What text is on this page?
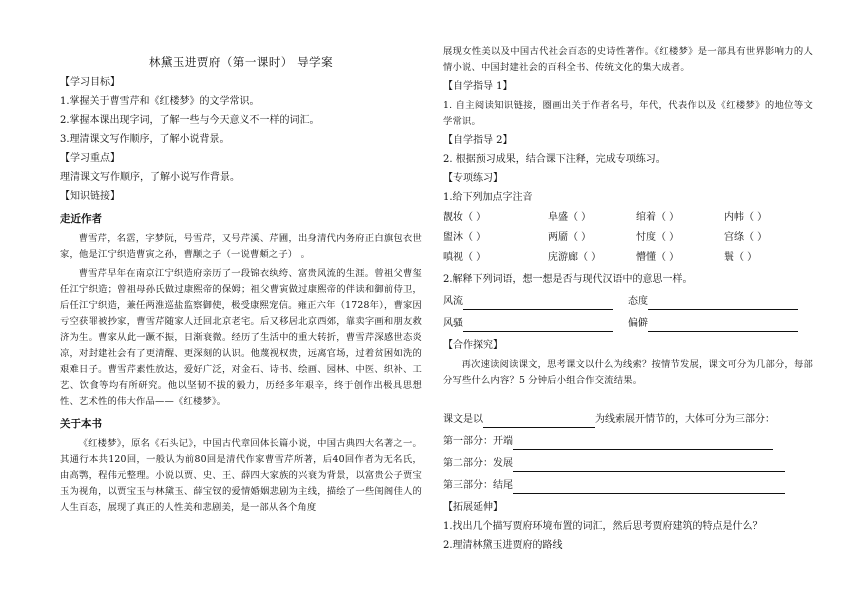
林黛玉进贾府（第一课时） 导学案
【学习目标】
1.掌握关于曹雪芹和《红楼梦》的文学常识。
2.掌握本课出现字词，了解一些与今天意义不一样的词汇。
3.理清课文写作顺序，了解小说背景。
【学习重点】
理清课文写作顺序，了解小说写作背景。
【知识链接】
走近作者

曹雪芹，名霑，字梦阮，号雪芹，又号芹溪、芹圃，出身清代内务府正白旗包衣世家，他是江宁织造曹寅之孙，曹颙之子（一说曹頫之子） 。

曹雪芹早年在南京江宁织造府亲历了一段锦衣纨绔、富贵风流的生涯。曾祖父曹玺任江宁织造；曾祖母孙氏做过康熙帝的保姆；祖父曹寅做过康熙帝的伴读和御前侍卫，后任江宁织造，兼任两淮巡盐监察御使，极受康熙宠信。雍正六年（1728年），曹家因亏空获罪被抄家，曹雪芹随家人迁回北京老宅。后又移居北京西郊，靠卖字画和朋友救济为生。曹家从此一蹶不振，日渐衰微。经历了生活中的重大转折，曹雪芹深感世态炎凉，对封建社会有了更清醒、更深刻的认识。他蔑视权贵，远离官场，过着贫困如洗的艰难日子。曹雪芹素性放达，爱好广泛，对金石、诗书、绘画、园林、中医、织补、工艺、饮食等均有所研究。他以坚韧不拔的毅力，历经多年艰辛，终于创作出极具思想性、艺术性的伟大作品——《红楼梦》。

关于本书

《红楼梦》，原名《石头记》，中国古代章回体长篇小说，中国古典四大名著之一。其通行本共120回，一般认为前80回是清代作家曹雪芹所著，后40回作者为无名氏，由高鹗，程伟元整理。小说以贾、史、王、薛四大家族的兴衰为背景，以富贵公子贾宝玉为视角，以贾宝玉与林黛玉、薛宝钗的爱情婚姻悲剧为主线，描绘了一些闺阁佳人的人生百态，展现了真正的人性美和悲剧美，是一部从各个角度

展现女性美以及中国古代社会百态的史诗性著作。《红楼梦》是一部具有世界影响力的人情小说、中国封建社会的百科全书、传统文化的集大成者。

【自学指导 1】

1. 自主阅读知识链接，圈画出关于作者名号，年代，代表作以及《红楼梦》的地位等文学常识。

【自学指导 2】
2. 根据预习成果，结合课下注释，完成专项练习。
【专项练习】
1.给下列加点字注音
靓妆（ ）	阜盛（ ）	绾着（ ）	内帏（ ）
盥沐（ ）	两靥（ ）	忖度（ ）	宫绦（ ）
嗔视（ ）	庑游廊（ ）	懵懂（ ）	鬟（ ）
2.解释下列词语，想一想是否与现代汉语中的意思一样。
风流	态度
风骚	偏僻
【合作探究】

再次速读阅读课文，思考课文以什么为线索？按情节发展，课文可分为几部分，每部分写些什么内容？5 分钟后小组合作交流结果。

课文是以	为线索展开情节的，大体可分为三部分：
第一部分：开端
第二部分：发展
第三部分：结尾
【拓展延伸】
1.找出几个描写贾府环境布置的词汇，然后思考贾府建筑的特点是什么？
2.理清林黛玉进贾府的路线
